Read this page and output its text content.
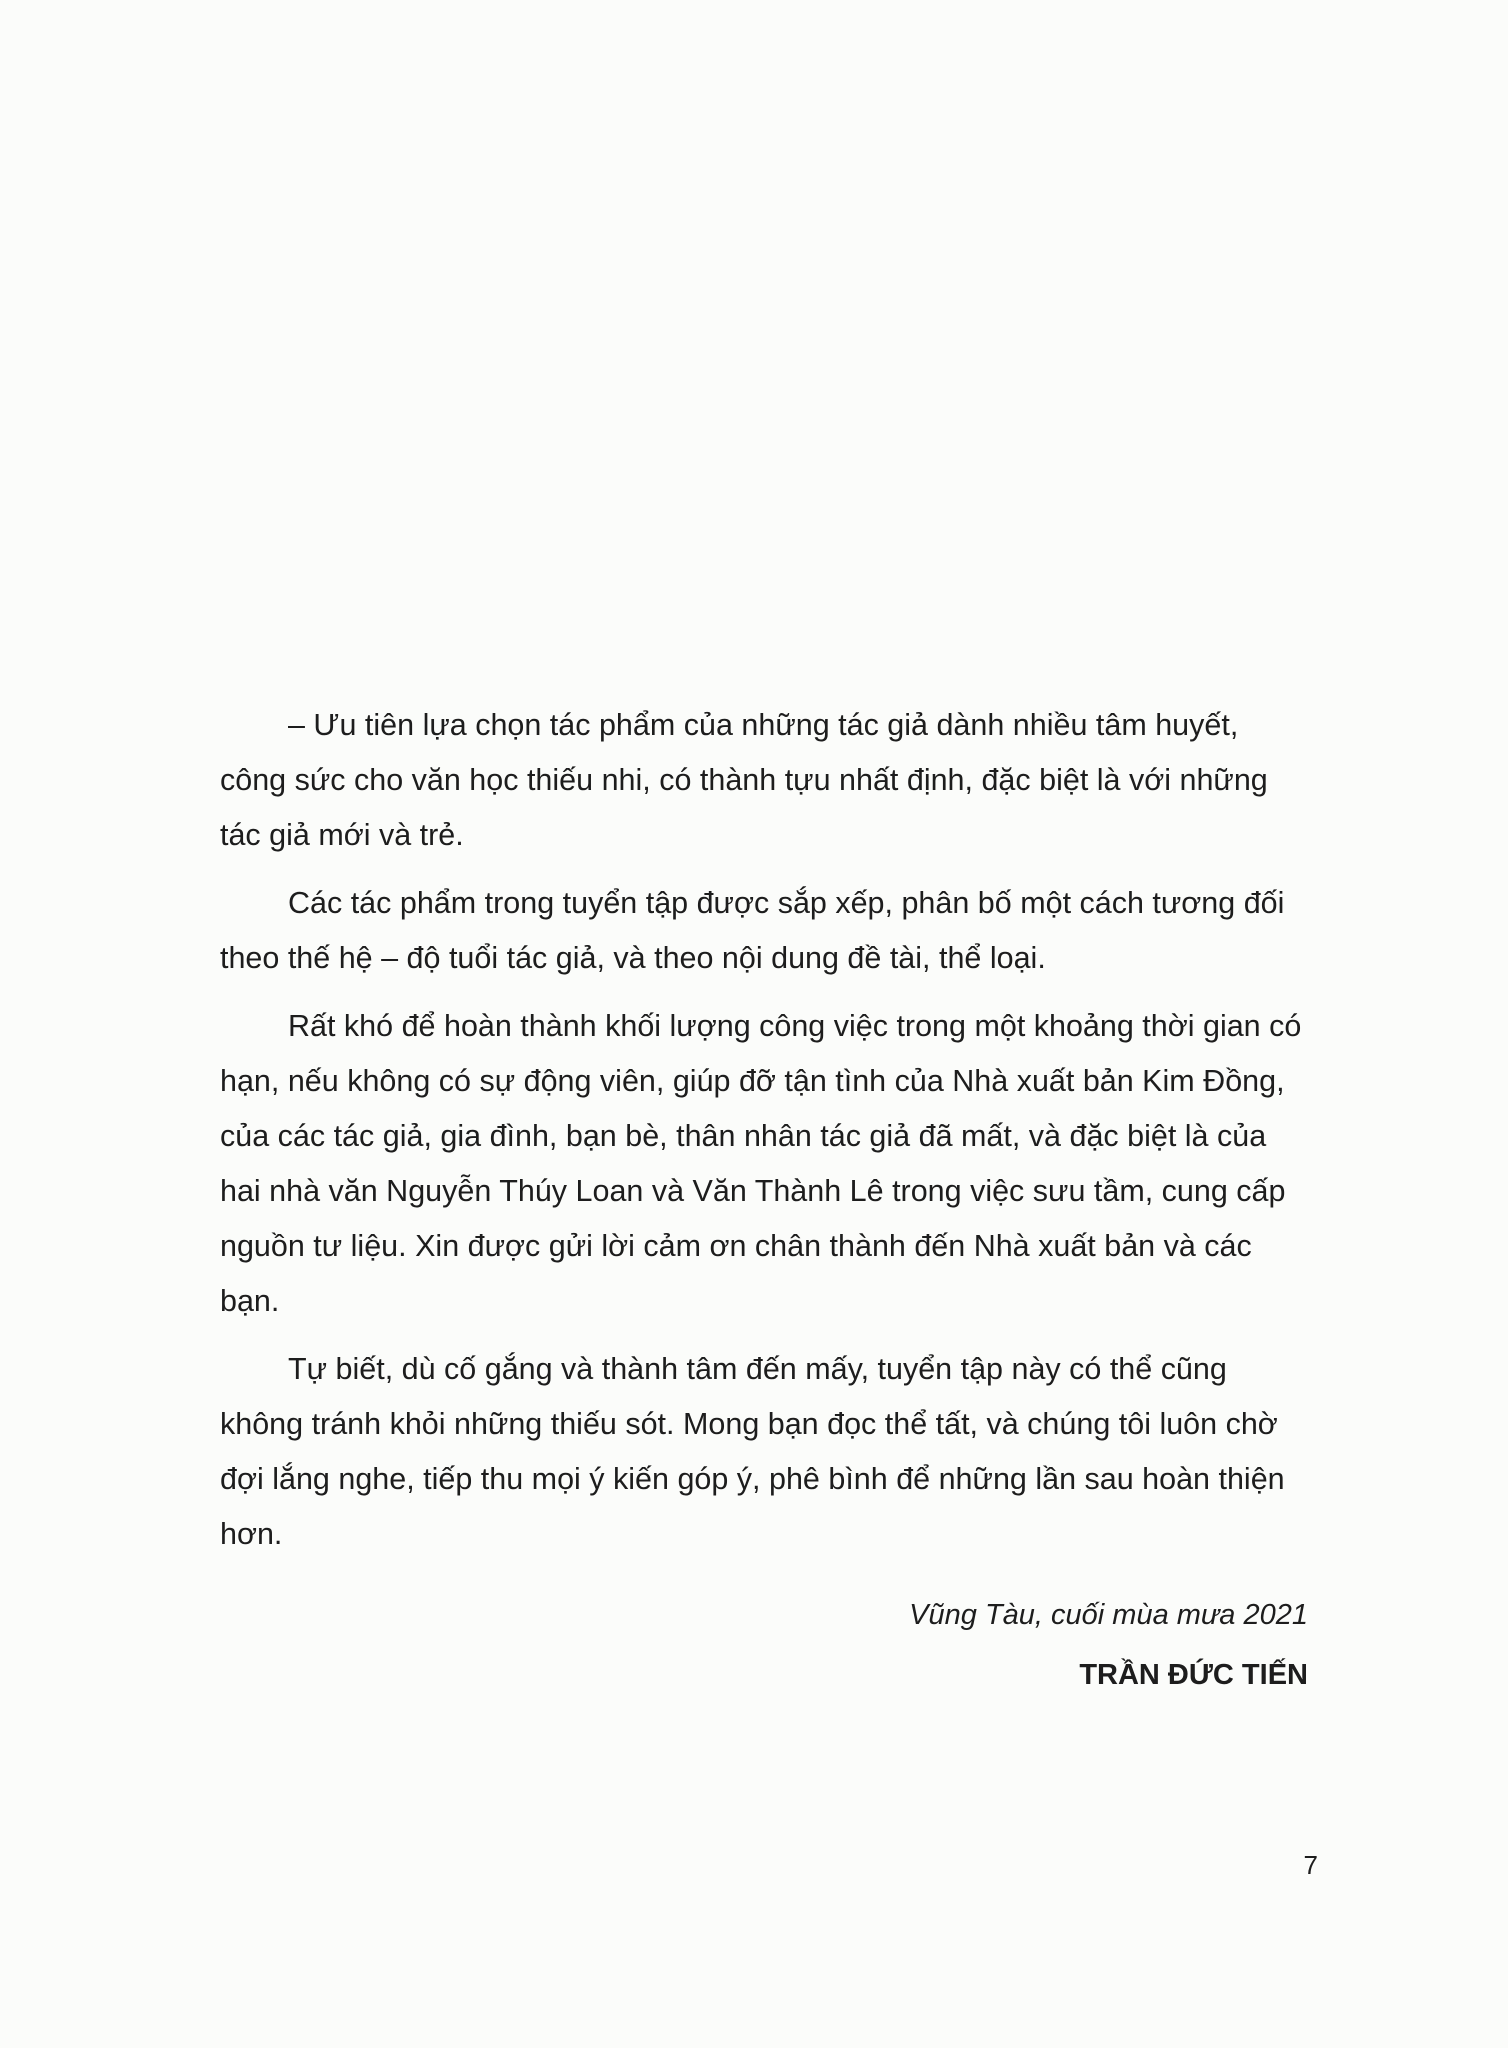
– Ưu tiên lựa chọn tác phẩm của những tác giả dành nhiều tâm huyết, công sức cho văn học thiếu nhi, có thành tựu nhất định, đặc biệt là với những tác giả mới và trẻ.

Các tác phẩm trong tuyển tập được sắp xếp, phân bố một cách tương đối theo thế hệ – độ tuổi tác giả, và theo nội dung đề tài, thể loại.

Rất khó để hoàn thành khối lượng công việc trong một khoảng thời gian có hạn, nếu không có sự động viên, giúp đỡ tận tình của Nhà xuất bản Kim Đồng, của các tác giả, gia đình, bạn bè, thân nhân tác giả đã mất, và đặc biệt là của hai nhà văn Nguyễn Thúy Loan và Văn Thành Lê trong việc sưu tầm, cung cấp nguồn tư liệu. Xin được gửi lời cảm ơn chân thành đến Nhà xuất bản và các bạn.

Tự biết, dù cố gắng và thành tâm đến mấy, tuyển tập này có thể cũng không tránh khỏi những thiếu sót. Mong bạn đọc thể tất, và chúng tôi luôn chờ đợi lắng nghe, tiếp thu mọi ý kiến góp ý, phê bình để những lần sau hoàn thiện hơn.

Vũng Tàu, cuối mùa mưa 2021
TRẦN ĐỨC TIẾN
7
